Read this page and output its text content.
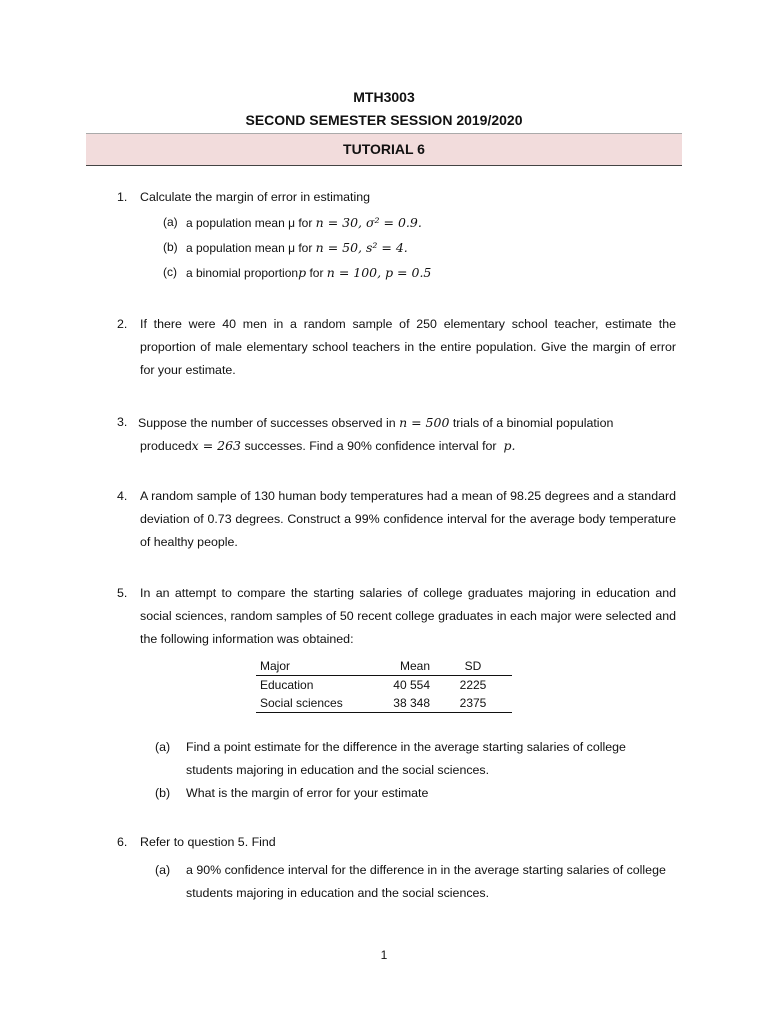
MTH3003
SECOND SEMESTER SESSION 2019/2020
TUTORIAL 6
1.	Calculate the margin of error in estimating
(a) a population mean μ for n = 30, σ² = 0.9.
(b) a population mean μ for n = 50, s² = 4.
(c) a binomial proportionp for n = 100, p = 0.5
2.	If there were 40 men in a random sample of 250 elementary school teacher, estimate the proportion of male elementary school teachers in the entire population. Give the margin of error for your estimate.
3. Suppose the number of successes observed in n = 500 trials of a binomial population
producedx = 263 successes. Find a 90% confidence interval for p.
4.	A random sample of 130 human body temperatures had a mean of 98.25 degrees and a standard deviation of 0.73 degrees. Construct a 99% confidence interval for the average body temperature of healthy people.
5.	In an attempt to compare the starting salaries of college graduates majoring in education and social sciences, random samples of 50 recent college graduates in each major were selected and the following information was obtained:
Major	Mean	SD
Education	40 554	2225
Social sciences	38 348	2375
(a) Find a point estimate for the difference in the average starting salaries of college students majoring in education and the social sciences.
(b) What is the margin of error for your estimate
6.	Refer to question 5. Find
(a) a 90% confidence interval for the difference in in the average starting salaries of college students majoring in education and the social sciences.
1
